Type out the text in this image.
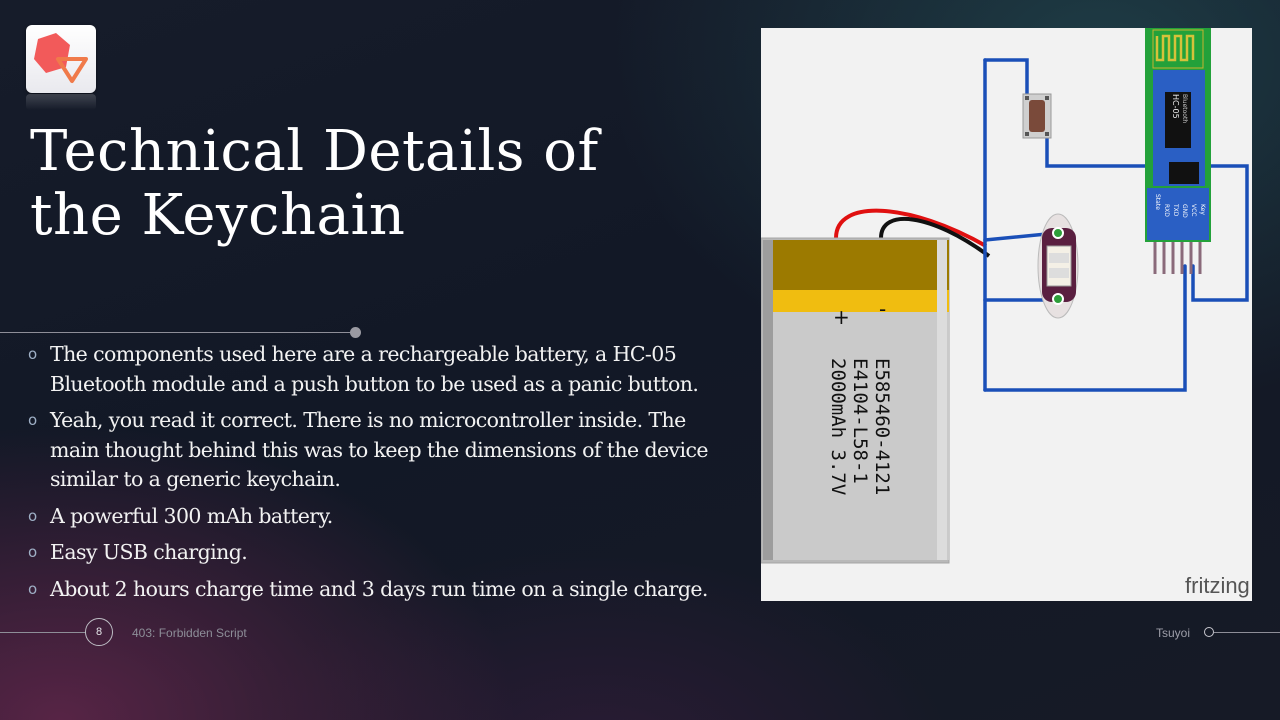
Technical Details of the Keychain
o The components used here are a rechargeable battery, a HC-05 Bluetooth module and a push button to be used as a panic button.
o Yeah, you read it correct. There is no microcontroller inside. The main thought behind this was to keep the dimensions of the device similar to a generic keychain.
o A powerful 300 mAh battery.
o Easy USB charging.
o About 2 hours charge time and 3 days run time on a single charge.
HC-05 Bluetooth
Key
VCC
GND
TXD
RXD
State
-
+
E585460-4121
E4104-L58-1
2000mAh 3.7V
fritzing
8	403: Forbidden Script	Tsuyoi
